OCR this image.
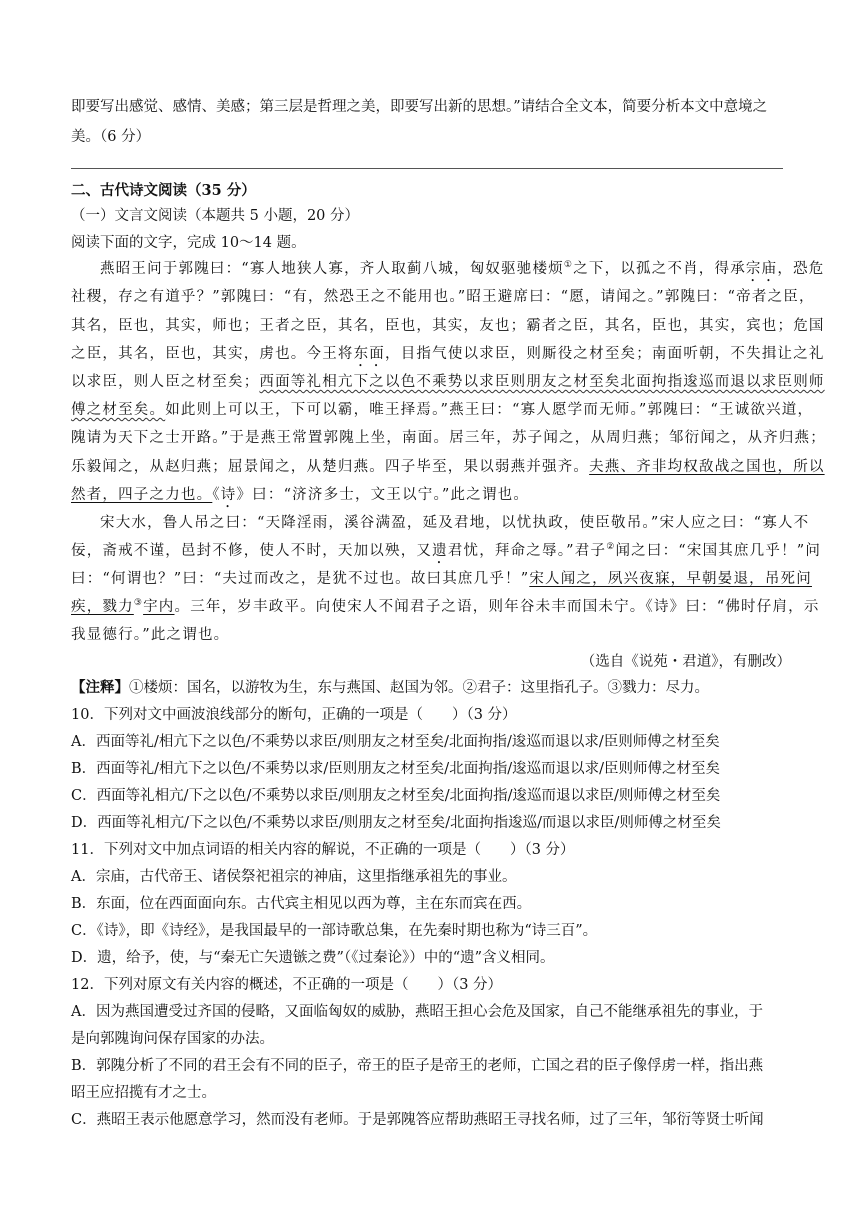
即要写出感觉、感情、美感；第三层是哲理之美，即要写出新的思想。”请结合全文本，简要分析本文中意境之
美。（6 分）
二、古代诗文阅读（35 分）
（一）文言文阅读（本题共 5 小题，20 分）
阅读下面的文字，完成 10～14 题。
燕昭王问于郭隗曰：“寡人地狭人寡，齐人取蓟八城，匈奴驱驰楼烦①之下，以孤之不肖，得承宗庙，恐危
社稷，存之有道乎？”郭隗曰：“有，然恐王之不能用也。”昭王避席曰：“愿，请闻之。”郭隗曰：“帝者之臣，
其名，臣也，其实，师也；王者之臣，其名，臣也，其实，友也；霸者之臣，其名，臣也，其实，宾也；危国
之臣，其名，臣也，其实，虏也。今王将东面，目指气使以求臣，则厮役之材至矣；南面听朝，不失揖让之礼
以求臣，则人臣之材至矣；西面等礼相亢下之以色不乘势以求臣则朋友之材至矣北面拘指逡巡而退以求臣则师
傅之材至矣。如此则上可以王，下可以霸，唯王择焉。”燕王曰：“寡人愿学而无师。”郭隗曰：“王诚欲兴道，
隗请为天下之士开路。”于是燕王常置郭隗上坐，南面。居三年，苏子闻之，从周归燕；邹衍闻之，从齐归燕；
乐毅闻之，从赵归燕；屈景闻之，从楚归燕。四子毕至，果以弱燕并强齐。夫燕、齐非均权敌战之国也，所以
然者，四子之力也。《诗》曰：“济济多士，文王以宁。”此之谓也。
宋大水，鲁人吊之曰：“天降淫雨，溪谷满盈，延及君地，以忧执政，使臣敬吊。”宋人应之曰：“寡人不
佞，斋戒不谨，邑封不修，使人不时，天加以殃，又遗君忧，拜命之辱。”君子②闻之曰：“宋国其庶几乎！”问
曰：“何谓也？”曰：“夫过而改之，是犹不过也。故曰其庶几乎！”宋人闻之，夙兴夜寐，早朝晏退，吊死问
疾，戮力③宇内。三年，岁丰政平。向使宋人不闻君子之语，则年谷未丰而国未宁。《诗》曰：“佛时仔肩，示
我显德行。”此之谓也。
（选自《说苑・君道》，有删改）
【注释】①楼烦：国名，以游牧为生，东与燕国、赵国为邻。②君子：这里指孔子。③戮力：尽力。
10．下列对文中画波浪线部分的断句，正确的一项是（　　）（3 分）
A．西面等礼/相亢下之以色/不乘势以求臣/则朋友之材至矣/北面拘指/逡巡而退以求/臣则师傅之材至矣
B．西面等礼/相亢下之以色/不乘势以求/臣则朋友之材至矣/北面拘指/逡巡而退以求/臣则师傅之材至矣
C．西面等礼相亢/下之以色/不乘势以求臣/则朋友之材至矣/北面拘指/逡巡而退以求臣/则师傅之材至矣
D．西面等礼相亢/下之以色/不乘势以求臣/则朋友之材至矣/北面拘指逡巡/而退以求臣/则师傅之材至矣
11．下列对文中加点词语的相关内容的解说，不正确的一项是（　　）（3 分）
A．宗庙，古代帝王、诸侯祭祀祖宗的神庙，这里指继承祖先的事业。
B．东面，位在西面面向东。古代宾主相见以西为尊，主在东而宾在西。
C．《诗》，即《诗经》，是我国最早的一部诗歌总集，在先秦时期也称为“诗三百”。
D．遗，给予，使，与“秦无亡矢遗镞之费”（《过秦论》）中的“遗”含义相同。
12．下列对原文有关内容的概述，不正确的一项是（　　）（3 分）
A．因为燕国遭受过齐国的侵略，又面临匈奴的威胁，燕昭王担心会危及国家，自己不能继承祖先的事业，于
是向郭隗询问保存国家的办法。
B．郭隗分析了不同的君王会有不同的臣子，帝王的臣子是帝王的老师，亡国之君的臣子像俘虏一样，指出燕
昭王应招揽有才之士。
C．燕昭王表示他愿意学习，然而没有老师。于是郭隗答应帮助燕昭王寻找名师，过了三年，邹衍等贤士听闻
